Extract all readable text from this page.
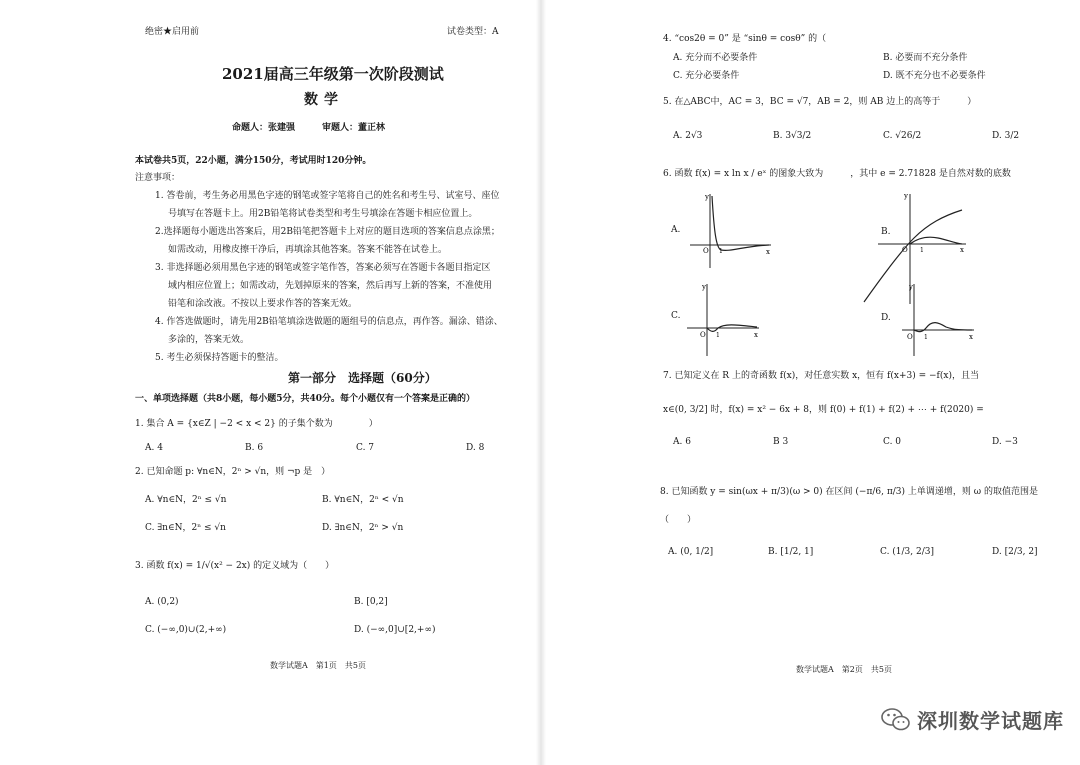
绝密★启用前	试卷类型：A
2021届高三年级第一次阶段测试
数学
命题人：张建强　　　审题人：董正林
本试卷共5页，22小题，满分150分，考试用时120分钟。
注意事项：
1. 答卷前，考生务必用黑色字迹的钢笔或签字笔将自己的姓名和考生号、试室号、座位
号填写在答题卡上。用2B铅笔将试卷类型和考生号填涂在答题卡相应位置上。
2.选择题每小题选出答案后，用2B铅笔把答题卡上对应的题目选项的答案信息点涂黑；
如需改动，用橡皮擦干净后，再填涂其他答案。答案不能答在试卷上。
3. 非选择题必须用黑色字迹的钢笔或签字笔作答，答案必须写在答题卡各题目指定区
域内相应位置上；如需改动，先划掉原来的答案，然后再写上新的答案，不准使用
铅笔和涂改液。不按以上要求作答的答案无效。
4. 作答选做题时，请先用2B铅笔填涂选做题的题组号的信息点，再作答。漏涂、错涂、
多涂的，答案无效。
5. 考生必须保持答题卡的整洁。
第一部分　选择题（60分）
一、单项选择题（共8小题，每小题5分，共40分。每个小题仅有一个答案是正确的）
1. 集合 A = {x∈Z | −2 < x < 2} 的子集个数为　　　　）
A. 4	B. 6	C. 7	D. 8
2. 已知命题 p: ∀n∈N，2ⁿ > √n，则 ¬p 是　）
A. ∀n∈N，2ⁿ ≤ √n	B. ∀n∈N，2ⁿ < √n
C. ∃n∈N，2ⁿ ≤ √n	D. ∃n∈N，2ⁿ > √n
3. 函数 f(x) = 1/√(x² − 2x) 的定义域为（　　）
A. (0,2)	B. [0,2]
C. (−∞,0)∪(2,+∞)	D. (−∞,0]∪[2,+∞)
数学试题A　第1页　共5页
4. “cos2θ = 0” 是 “sinθ = cosθ” 的（
A. 充分而不必要条件	B. 必要而不充分条件
C. 充分必要条件	D. 既不充分也不必要条件
5. 在△ABC中，AC = 3，BC = √7，AB = 2，则 AB 边上的高等于　　　）
A. 2√3	B. 3√3/2	C. √26/2	D. 3/2
6. 函数 f(x) = x ln x / eˣ 的图象大致为　　　，其中 e = 2.71828 是自然对数的底数
A.
y
x
O 1
B.
y
x
O 1
C.
y
x
O 1
D.
y
x
O 1
7. 已知定义在 R 上的奇函数 f(x)，对任意实数 x，恒有 f(x+3) = −f(x)，且当
x∈(0, 3/2] 时，f(x) = x² − 6x + 8，则 f(0) + f(1) + f(2) + ⋯ + f(2020) =
A. 6	B 3	C. 0	D. −3
8. 已知函数 y = sin(ωx + π/3)(ω > 0) 在区间 (−π/6, π/3) 上单调递增，则 ω 的取值范围是
（　　）
A. (0, 1/2]	B. [1/2, 1]	C. (1/3, 2/3]	D. [2/3, 2]
数学试题A　第2页　共5页
深圳数学试题库
